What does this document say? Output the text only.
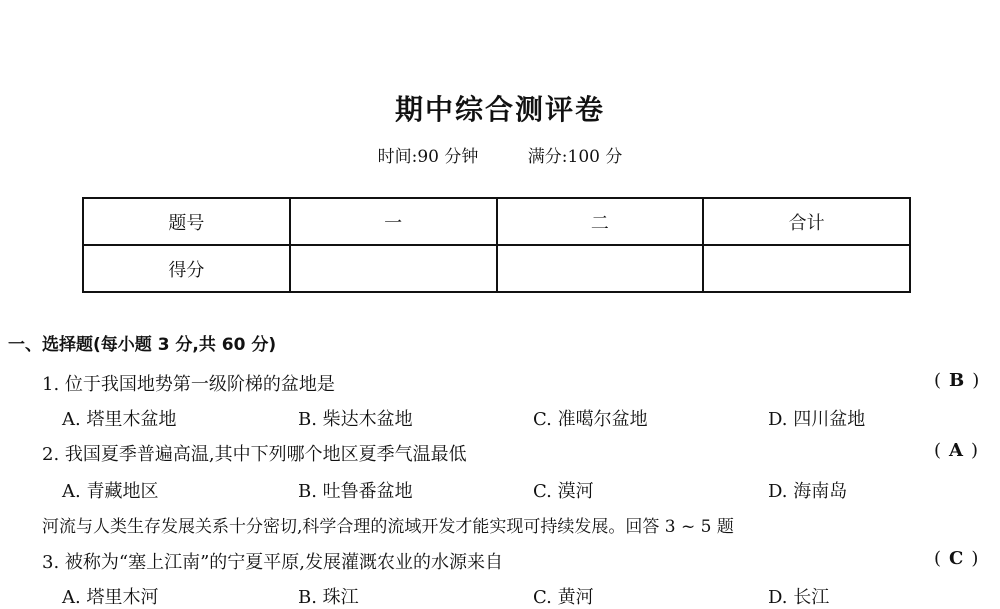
期中综合测评卷
时间:90 分钟	满分:100 分
题号	一	二	合计
得分			
一、选择题(每小题 3 分,共 60 分)
1. 位于我国地势第一级阶梯的盆地是	( B )
A. 塔里木盆地	B. 柴达木盆地	C. 准噶尔盆地	D. 四川盆地
2. 我国夏季普遍高温,其中下列哪个地区夏季气温最低	( A )
A. 青藏地区	B. 吐鲁番盆地	C. 漠河	D. 海南岛
河流与人类生存发展关系十分密切,科学合理的流域开发才能实现可持续发展。回答 3 ~ 5 题
3. 被称为“塞上江南”的宁夏平原,发展灌溉农业的水源来自	( C )
A. 塔里木河	B. 珠江	C. 黄河	D. 长江
